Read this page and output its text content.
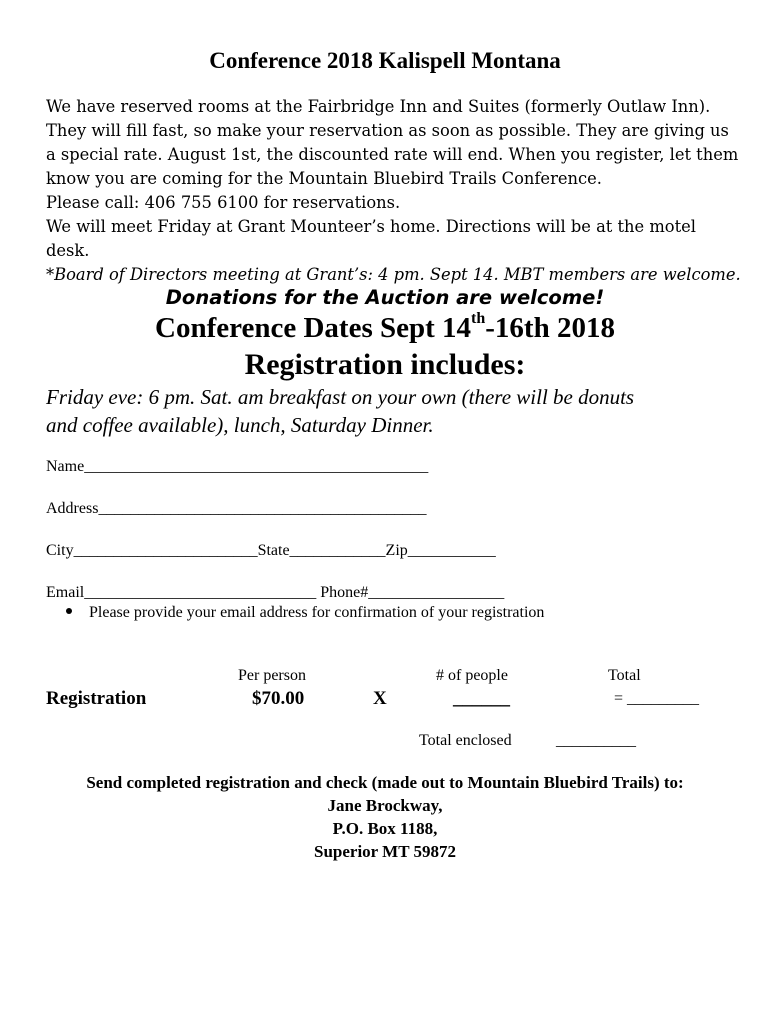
Conference 2018 Kalispell Montana
We have reserved rooms at the Fairbridge Inn and Suites (formerly Outlaw Inn).
They will fill fast, so make your reservation as soon as possible. They are giving us
a special rate. August 1st, the discounted rate will end. When you register, let them
know you are coming for the Mountain Bluebird Trails Conference.
Please call: 406 755 6100 for reservations.
We will meet Friday at Grant Mounteer’s home. Directions will be at the motel
desk.
*Board of Directors meeting at Grant’s: 4 pm. Sept 14. MBT members are welcome.
Donations for the Auction are welcome!
Conference Dates Sept 14th-16th 2018
Registration includes:
Friday eve: 6 pm. Sat. am breakfast on your own (there will be donuts
and coffee available), lunch, Saturday Dinner.
Name___________________________________________
Address_________________________________________
City_______________________State____________Zip___________
Email_____________________________ Phone#_________________
Please provide your email address for confirmation of your registration
Per person	# of people	Total
Registration	$70.00	X	______	= _________
Total enclosed	__________
Send completed registration and check (made out to Mountain Bluebird Trails) to:
Jane Brockway,
P.O. Box 1188,
Superior MT 59872
